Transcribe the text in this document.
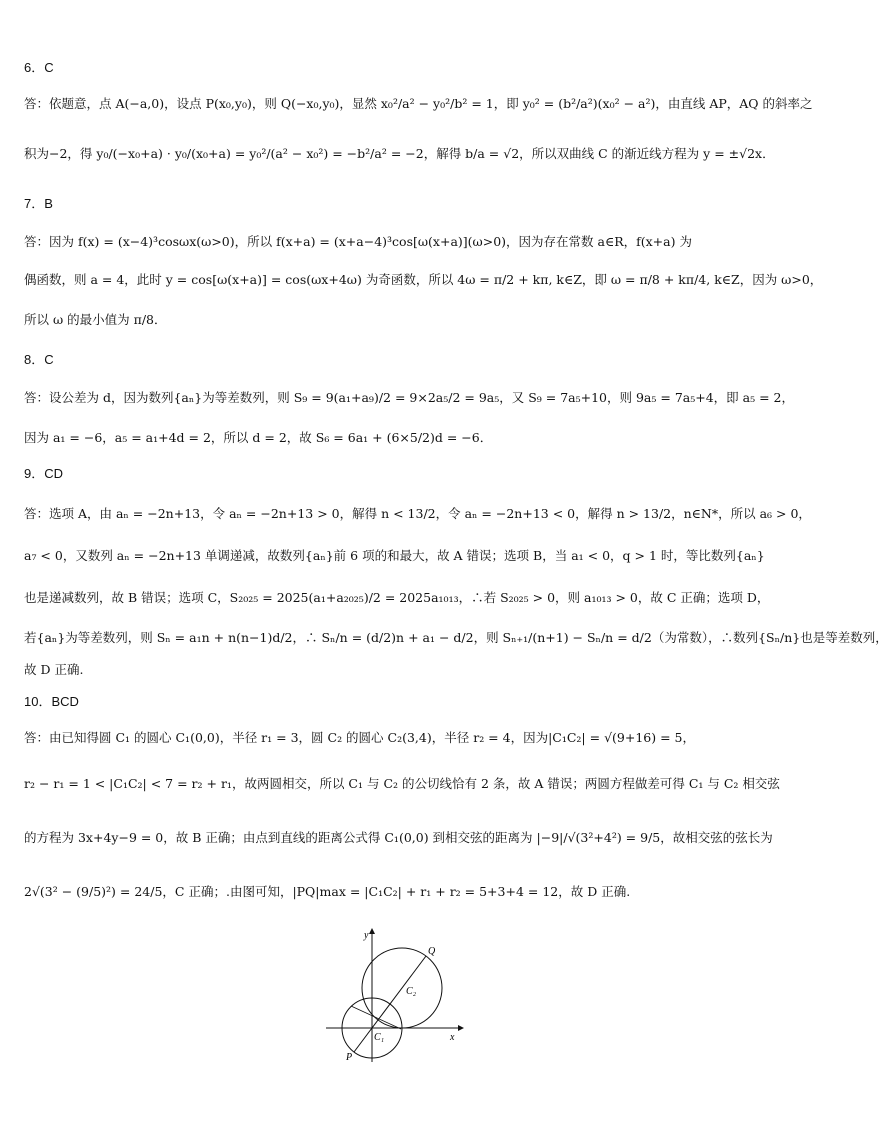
6．C
答：依题意，点 A(−a,0)，设点 P(x₀,y₀)，则 Q(−x₀,y₀)，显然 x₀²/a² − y₀²/b² = 1，即 y₀² = (b²/a²)(x₀² − a²)，由直线 AP，AQ 的斜率之
积为−2，得 y₀/(−x₀+a) · y₀/(x₀+a) = y₀²/(a² − x₀²) = −b²/a² = −2，解得 b/a = √2，所以双曲线 C 的渐近线方程为 y = ±√2x．
7．B
答：因为 f(x) = (x−4)³cosωx(ω>0)，所以 f(x+a) = (x+a−4)³cos[ω(x+a)](ω>0)，因为存在常数 a∈R，f(x+a) 为
偶函数，则 a = 4，此时 y = cos[ω(x+a)] = cos(ωx+4ω) 为奇函数，所以 4ω = π/2 + kπ, k∈Z，即 ω = π/8 + kπ/4, k∈Z，因为 ω>0，
所以 ω 的最小值为 π/8．
8．C
答：设公差为 d，因为数列{aₙ}为等差数列，则 S₉ = 9(a₁+a₉)/2 = 9×2a₅/2 = 9a₅，又 S₉ = 7a₅+10，则 9a₅ = 7a₅+4，即 a₅ = 2，
因为 a₁ = −6，a₅ = a₁+4d = 2，所以 d = 2，故 S₆ = 6a₁ + (6×5/2)d = −6．
9．CD
答：选项 A，由 aₙ = −2n+13，令 aₙ = −2n+13 > 0，解得 n < 13/2，令 aₙ = −2n+13 < 0，解得 n > 13/2，n∈N*，所以 a₆ > 0，
a₇ < 0，又数列 aₙ = −2n+13 单调递减，故数列{aₙ}前 6 项的和最大，故 A 错误；选项 B，当 a₁ < 0，q > 1 时，等比数列{aₙ}
也是递减数列，故 B 错误；选项 C，S₂₀₂₅ = 2025(a₁+a₂₀₂₅)/2 = 2025a₁₀₁₃，∴若 S₂₀₂₅ > 0，则 a₁₀₁₃ > 0，故 C 正确；选项 D，
若{aₙ}为等差数列，则 Sₙ = a₁n + n(n−1)d/2，∴ Sₙ/n = (d/2)n + a₁ − d/2，则 Sₙ₊₁/(n+1) − Sₙ/n = d/2（为常数），∴数列{Sₙ/n}也是等差数列，
故 D 正确.
10．BCD
答：由已知得圆 C₁ 的圆心 C₁(0,0)，半径 r₁ = 3，圆 C₂ 的圆心 C₂(3,4)，半径 r₂ = 4，因为|C₁C₂| = √(9+16) = 5，
r₂ − r₁ = 1 < |C₁C₂| < 7 = r₂ + r₁，故两圆相交，所以 C₁ 与 C₂ 的公切线恰有 2 条，故 A 错误；两圆方程做差可得 C₁ 与 C₂ 相交弦
的方程为 3x+4y−9 = 0，故 B 正确；由点到直线的距离公式得 C₁(0,0) 到相交弦的距离为 |−9|/√(3²+4²) = 9/5，故相交弦的弦长为
2√(3² − (9/5)²) = 24/5，C 正确；.由图可知，|PQ|max = |C₁C₂| + r₁ + r₂ = 5+3+4 = 12，故 D 正确.
y
x
Q
C₂
C₁
P
